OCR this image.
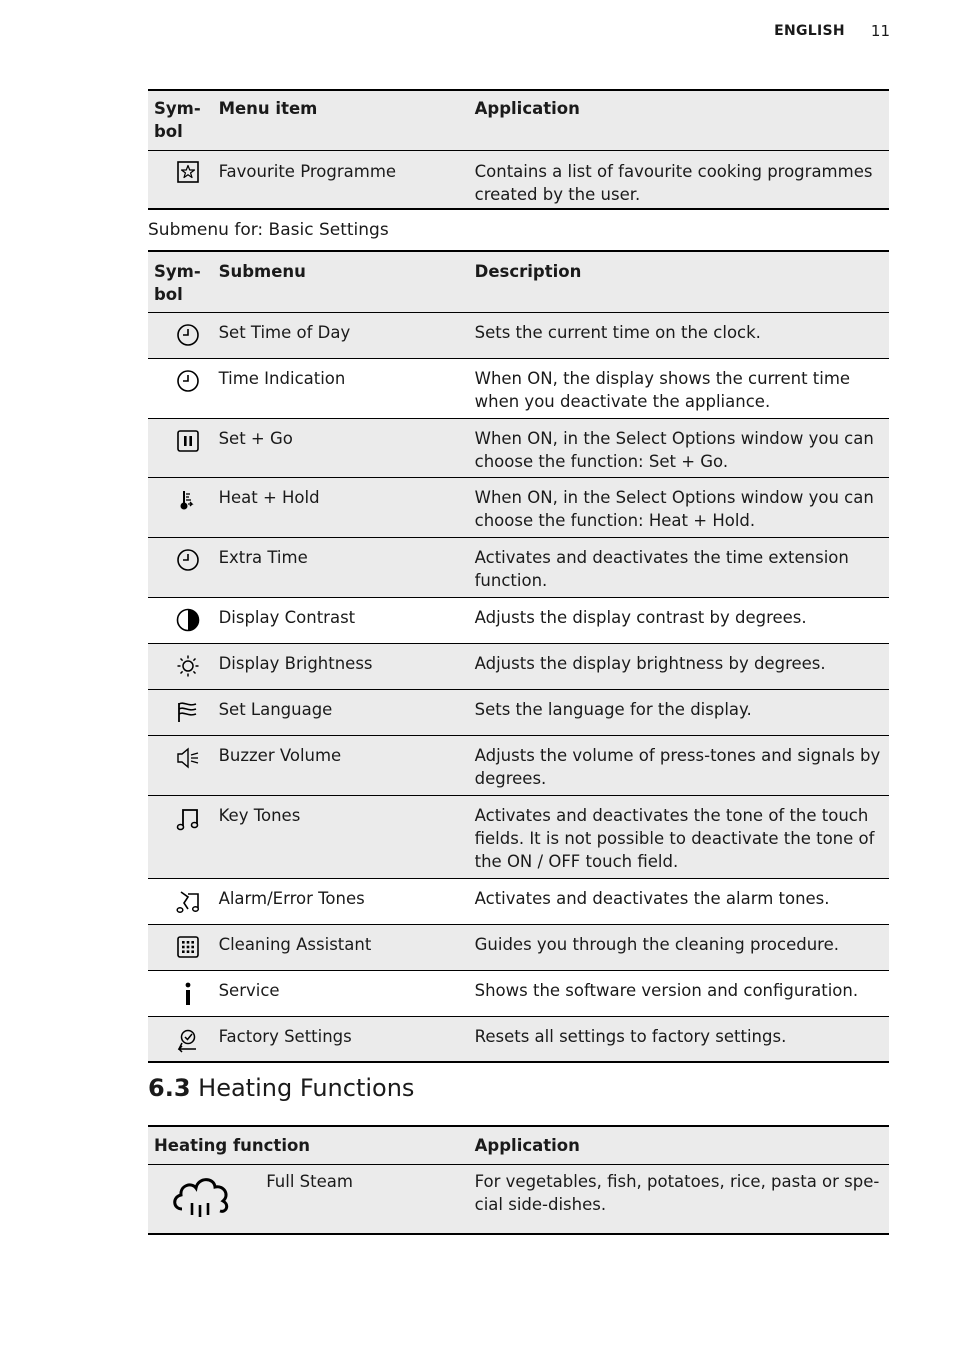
ENGLISH 11
Sym-
bol	Menu item	Application

	Favourite Programme	Contains a list of favourite cooking programmes created by the user.
Submenu for: Basic Settings
Sym-
bol	Submenu	Description

	Set Time of Day	Sets the current time on the clock.

	Time Indication	When ON, the display shows the current time when you deactivate the appliance.

	Set + Go	When ON, in the Select Options window you can choose the function: Set + Go.

	Heat + Hold	When ON, in the Select Options window you can choose the function: Heat + Hold.

	Extra Time	Activates and deactivates the time extension function.

	Display Contrast	Adjusts the display contrast by degrees.

	Display Brightness	Adjusts the display brightness by degrees.

	Set Language	Sets the language for the display.

	Buzzer Volume	Adjusts the volume of press-tones and signals by degrees.

	Key Tones	Activates and deactivates the tone of the touch fields. It is not possible to deactivate the tone of the ON / OFF touch field.

	Alarm/Error Tones	Activates and deactivates the alarm tones.

	Cleaning Assistant	Guides you through the cleaning procedure.

	Service	Shows the software version and configuration.

	Factory Settings	Resets all settings to factory settings.
6.3 Heating Functions
Heating function		Application
	Full Steam	For vegetables, fish, potatoes, rice, pasta or spe-cial side-dishes.
